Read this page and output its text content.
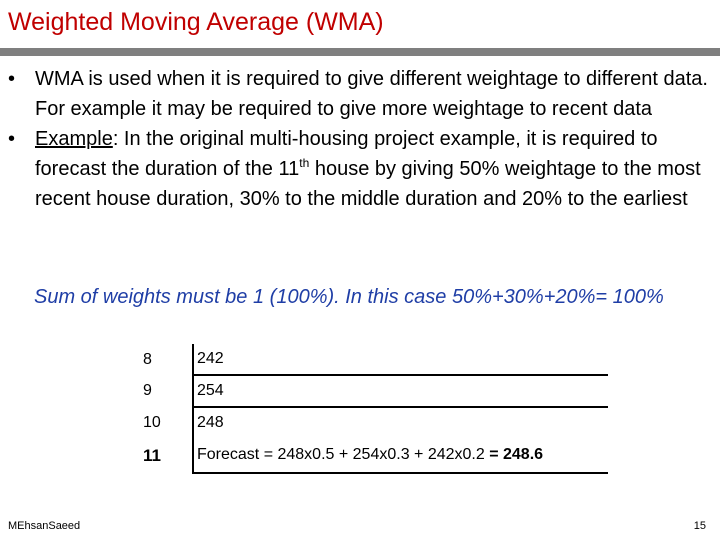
Weighted Moving Average (WMA)
• WMA is used when it is required to give different weightage to different data. For example it may be required to give more weightage to recent data
• Example: In the original multi-housing project example, it is required to forecast the duration of the 11th house by giving 50% weightage to the most recent house duration, 30% to the middle duration and 20% to the earliest
Sum of weights must be 1 (100%). In this case 50%+30%+20%= 100%
8	242
9	254
10	248
11	Forecast = 248x0.5 + 254x0.3 + 242x0.2 = 248.6
MEhsanSaeed	15
